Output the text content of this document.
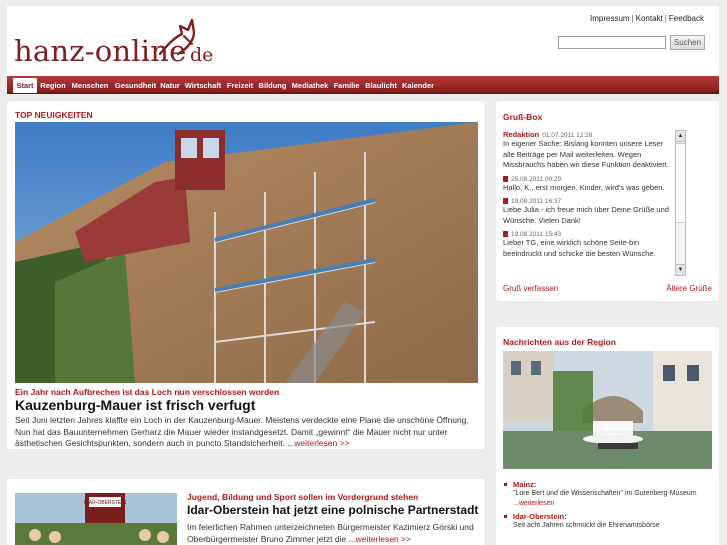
hanz-online de
Impressum | Kontakt | Feedback
Suchen
Start Region Menschen Gesundheit Natur Wirtschaft Freizeit Bildung Mediathek Familie Blaulicht Kalender
TOP NEUIGKEITEN
Ein Jahr nach Aufbrechen ist das Loch nun verschlossen worden
Kauzenburg-Mauer ist frisch verfugt
Seit Juni letzten Jahres klaffte ein Loch in der Kauzenburg-Mauer. Meistens verdeckte eine Plane die unschöne Öffnung. Nun hat das Bauunternehmen Gerharz die Mauer wieder instandgesetzt. Damit „gewinnt“ die Mauer nicht nur unter ästhetischen Gesichtspunkten, sondern auch in puncto Standsicherheit. ...weiterlesen >>
IDAR-OBERSTEIN
Jugend, Bildung und Sport sollen im Vordergrund stehen
Idar-Oberstein hat jetzt eine polnische Partnerstadt
Im feierlichen Rahmen unterzeichneten Bürgermeister Kazimierz Górski und Oberbürgermeister Bruno Zimmer jetzt die ...weiterlesen >>
Gruß-Box
Redaktion 01.07.2011 12:28
In eigener Sache: Bislang konnten unsere Leser alle Beiträge per Mail weiterleiten. Wegen Missbrauchs haben wir diese Funktion deaktiviert.
25.08.2011 00:29
Hallo, K., erst morgen. Kinder, wird's was geben.
19.08.2011 16:37
Liebe Julia - ich freue mich über Deine Grüße und Wünsche. Vielen Dank!
19.08.2011 15:43
Lieber TG, eine wirklich schöne Seite-bin beeindruckt und schicke die besten Wünsche.
▲
▼
Gruß verfassen	Ältere Grüße
Nachrichten aus der Region
Mainz:
"Lore Bert und die Wissenschaften" im Gutenberg-Museum ...weiterlesen
Idar-Oberstein:
Seit acht Jahren schmückt die Ehrenamtsbörse
